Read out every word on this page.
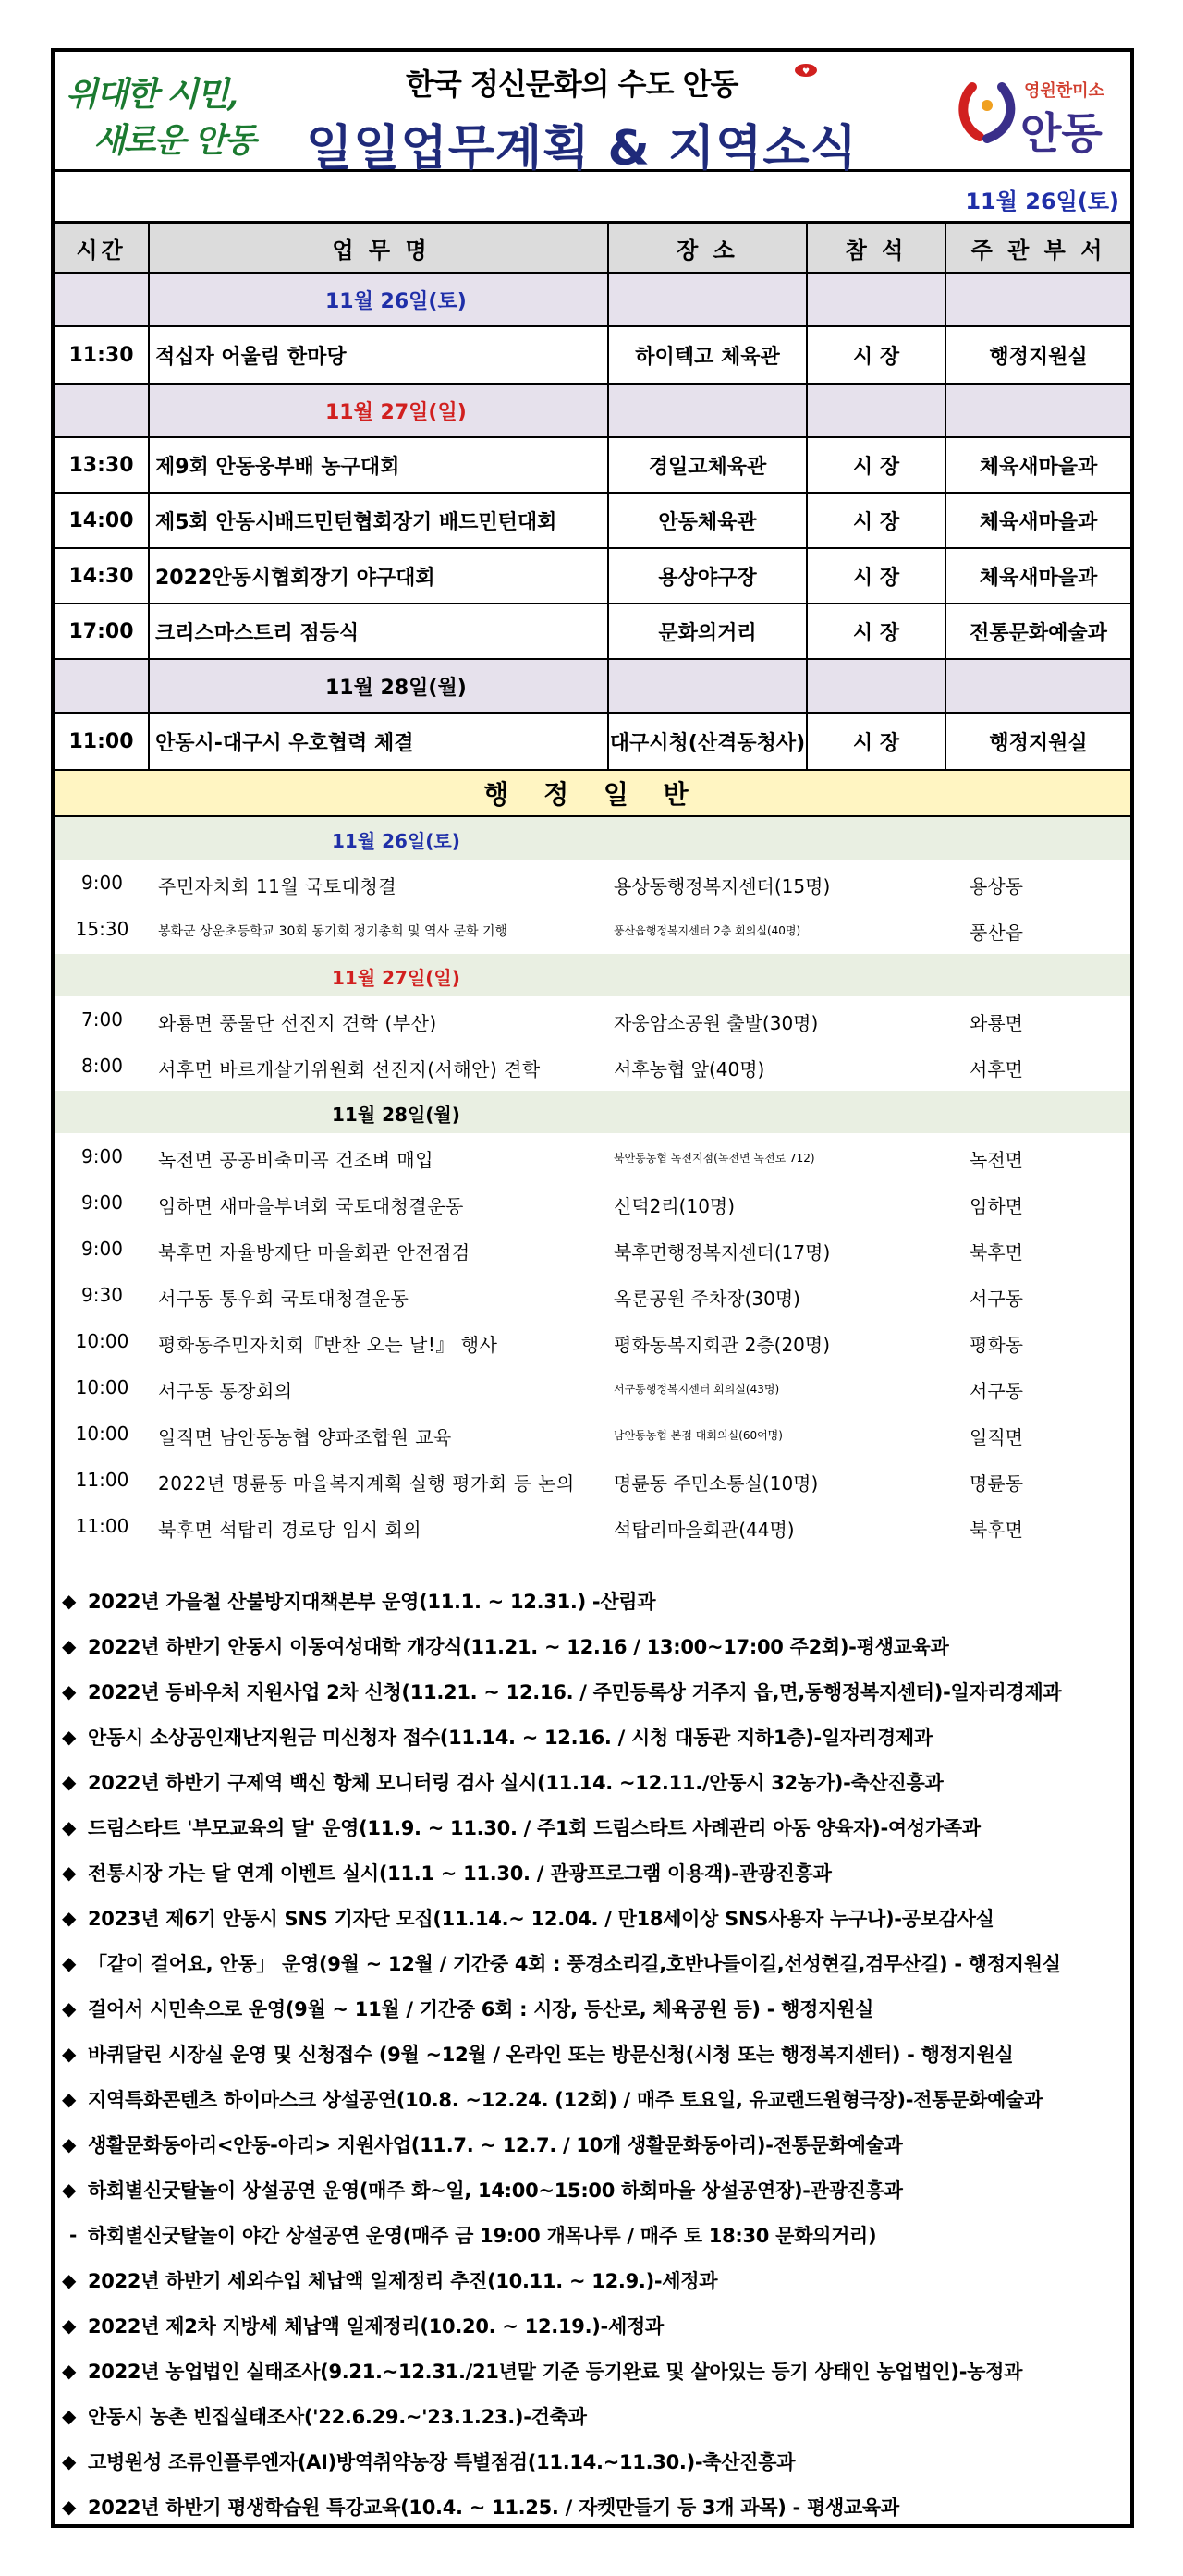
위대한 시민,
새로운 안동
한국 정신문화의 수도 안동	♥
일일업무계획 & 지역소식
영원한미소
안동
11월 26일(토)
시간	업 무 명	장 소	참 석	주 관 부 서
11월 26일(토)
11:30	적십자 어울림 한마당	하이텍고 체육관	시 장	행정지원실
11월 27일(일)
13:30	제9회 안동웅부배 농구대회	경일고체육관	시 장	체육새마을과
14:00	제5회 안동시배드민턴협회장기 배드민턴대회	안동체육관	시 장	체육새마을과
14:30	2022안동시협회장기 야구대회	용상야구장	시 장	체육새마을과
17:00	크리스마스트리 점등식	문화의거리	시 장	전통문화예술과
11월 28일(월)
11:00	안동시-대구시 우호협력 체결	대구시청(산격동청사)	시 장	행정지원실
행 정 일 반
11월 26일(토)
9:00	주민자치회 11월 국토대청결	용상동행정복지센터(15명)	용상동
15:30	봉화군 상운초등학교 30회 동기회 정기총회 및 역사 문화 기행	풍산읍행정복지센터 2층 회의실(40명)	풍산읍
11월 27일(일)
7:00	와룡면 풍물단 선진지 견학 (부산)	자웅암소공원 출발(30명)	와룡면
8:00	서후면 바르게살기위원회 선진지(서해안) 견학	서후농협 앞(40명)	서후면
11월 28일(월)
9:00	녹전면 공공비축미곡 건조벼 매입	북안동농협 녹전지점(녹전면 녹전로 712)	녹전면
9:00	임하면 새마을부녀회 국토대청결운동	신덕2리(10명)	임하면
9:00	북후면 자율방재단 마을회관 안전점검	북후면행정복지센터(17명)	북후면
9:30	서구동 통우회 국토대청결운동	옥룬공원 주차장(30명)	서구동
10:00	평화동주민자치회『반찬 오는 날!』 행사	평화동복지회관 2층(20명)	평화동
10:00	서구동 통장회의	서구동행정복지센터 회의실(43명)	서구동
10:00	일직면 남안동농협 양파조합원 교육	남안동농협 본점 대회의실(60여명)	일직면
11:00	2022년 명륜동 마을복지계획 실행 평가회 등 논의	명륜동 주민소통실(10명)	명륜동
11:00	북후면 석탑리 경로당 임시 회의	석탑리마을회관(44명)	북후면
◆ 2022년 가을철 산불방지대책본부 운영(11.1. ~ 12.31.) -산림과
◆ 2022년 하반기 안동시 이동여성대학 개강식(11.21. ~ 12.16 / 13:00~17:00 주2회)-평생교육과
◆ 2022년 등바우처 지원사업 2차 신청(11.21. ~ 12.16. / 주민등록상 거주지 읍,면,동행정복지센터)-일자리경제과
◆ 안동시 소상공인재난지원금 미신청자 접수(11.14. ~ 12.16. / 시청 대동관 지하1층)-일자리경제과
◆ 2022년 하반기 구제역 백신 항체 모니터링 검사 실시(11.14. ~12.11./안동시 32농가)-축산진흥과
◆ 드림스타트 '부모교육의 달' 운영(11.9. ~ 11.30. / 주1회 드림스타트 사례관리 아동 양육자)-여성가족과
◆ 전통시장 가는 달 연계 이벤트 실시(11.1 ~ 11.30. / 관광프로그램 이용객)-관광진흥과
◆ 2023년 제6기 안동시 SNS 기자단 모집(11.14.~ 12.04. / 만18세이상 SNS사용자 누구나)-공보감사실
◆ 「같이 걸어요, 안동」 운영(9월 ~ 12월 / 기간중 4회 : 풍경소리길,호반나들이길,선성현길,검무산길) - 행정지원실
◆ 걸어서 시민속으로 운영(9월 ~ 11월 / 기간중 6회 : 시장, 등산로, 체육공원 등) - 행정지원실
◆ 바퀴달린 시장실 운영 및 신청접수 (9월 ~12월 / 온라인 또는 방문신청(시청 또는 행정복지센터) - 행정지원실
◆ 지역특화콘텐츠 하이마스크 상설공연(10.8. ~12.24. (12회) / 매주 토요일, 유교랜드원형극장)-전통문화예술과
◆ 생활문화동아리<안동-아리> 지원사업(11.7. ~ 12.7. / 10개 생활문화동아리)-전통문화예술과
◆ 하회별신굿탈놀이 상설공연 운영(매주 화~일, 14:00~15:00 하회마을 상설공연장)-관광진흥과
- 하회별신굿탈놀이 야간 상설공연 운영(매주 금 19:00 개목나루 / 매주 토 18:30 문화의거리)
◆ 2022년 하반기 세외수입 체납액 일제정리 추진(10.11. ~ 12.9.)-세정과
◆ 2022년 제2차 지방세 체납액 일제정리(10.20. ~ 12.19.)-세정과
◆ 2022년 농업법인 실태조사(9.21.~12.31./21년말 기준 등기완료 및 살아있는 등기 상태인 농업법인)-농정과
◆ 안동시 농촌 빈집실태조사('22.6.29.~'23.1.23.)-건축과
◆ 고병원성 조류인플루엔자(AI)방역취약농장 특별점검(11.14.~11.30.)-축산진흥과
◆ 2022년 하반기 평생학습원 특강교육(10.4. ~ 11.25. / 자켓만들기 등 3개 과목) - 평생교육과
